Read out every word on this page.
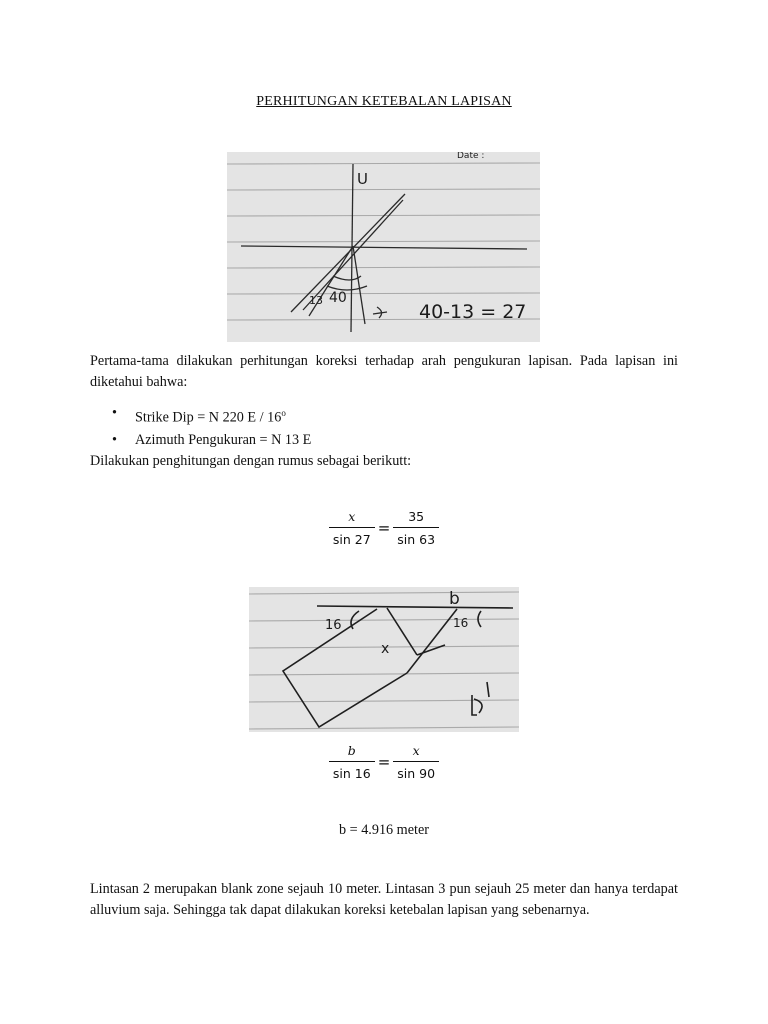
PERHITUNGAN KETEBALAN LAPISAN
Date :
U
13 40
40-13 = 27
Pertama-tama dilakukan perhitungan koreksi terhadap arah pengukuran lapisan. Pada lapisan ini diketahui bahwa:
• Strike Dip = N 220 E / 16$^o$
• Azimuth Pengukuran = N 13 E
Dilakukan penghitungan dengan rumus sebagai berikutt:
$\frac{x}{\sin 27} = \frac{35}{\sin 63}$
b
16	16
x
$\frac{b}{\sin 16} = \frac{x}{\sin 90}$
b = 4.916 meter
Lintasan 2 merupakan blank zone sejauh 10 meter. Lintasan 3 pun sejauh 25 meter dan hanya terdapat alluvium saja. Sehingga tak dapat dilakukan koreksi ketebalan lapisan yang sebenarnya.
